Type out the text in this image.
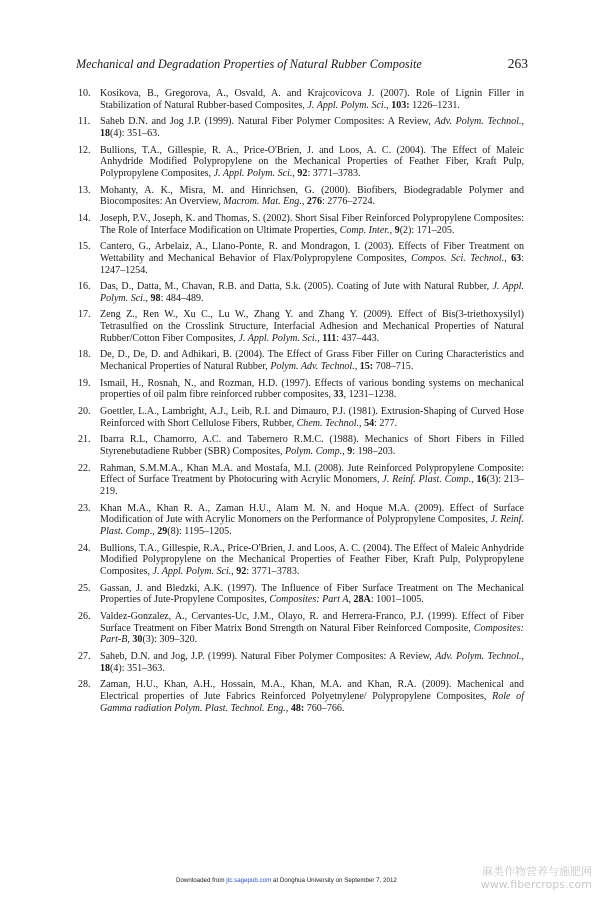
Mechanical and Degradation Properties of Natural Rubber Composite	263
10. Kosikova, B., Gregorova, A., Osvald, A. and Krajcovicova J. (2007). Role of Lignin Filler in Stabilization of Natural Rubber-based Composites, J. Appl. Polym. Sci., 103: 1226–1231.
11. Saheb D.N. and Jog J.P. (1999). Natural Fiber Polymer Composites: A Review, Adv. Polym. Technol., 18(4): 351–63.
12. Bullions, T.A., Gillespie, R. A., Price-O'Brien, J. and Loos, A. C. (2004). The Effect of Maleic Anhydride Modified Polypropylene on the Mechanical Properties of Feather Fiber, Kraft Pulp, Polypropylene Composites, J. Appl. Polym. Sci., 92: 3771–3783.
13. Mohanty, A. K., Misra, M. and Hinrichsen, G. (2000). Biofibers, Biodegradable Polymer and Biocomposites: An Overview, Macrom. Mat. Eng., 276: 2776–2724.
14. Joseph, P.V., Joseph, K. and Thomas, S. (2002). Short Sisal Fiber Reinforced Polypropylene Composites: The Role of Interface Modification on Ultimate Properties, Comp. Inter., 9(2): 171–205.
15. Cantero, G., Arbelaiz, A., Llano-Ponte, R. and Mondragon, I. (2003). Effects of Fiber Treatment on Wettability and Mechanical Behavior of Flax/Polypropylene Composites, Compos. Sci. Technol., 63: 1247–1254.
16. Das, D., Datta, M., Chavan, R.B. and Datta, S.k. (2005). Coating of Jute with Natural Rubber, J. Appl. Polym. Sci., 98: 484–489.
17. Zeng Z., Ren W., Xu C., Lu W., Zhang Y. and Zhang Y. (2009). Effect of Bis(3-triethoxysilyl) Tetrasulfied on the Crosslink Structure, Interfacial Adhesion and Mechanical Properties of Natural Rubber/Cotton Fiber Composites, J. Appl. Polym. Sci., 111: 437–443.
18. De, D., De, D. and Adhikari, B. (2004). The Effect of Grass Fiber Filler on Curing Characteristics and Mechanical Properties of Natural Rubber, Polym. Adv. Technol., 15: 708–715.
19. Ismail, H., Rosnah, N., and Rozman, H.D. (1997). Effects of various bonding systems on mechanical properties of oil palm fibre reinforced rubber composites, 33, 1231–1238.
20. Goettler, L.A., Lambright, A.J., Leib, R.I. and Dimauro, P.J. (1981). Extrusion-Shaping of Curved Hose Reinforced with Short Cellulose Fibers, Rubber, Chem. Technol., 54: 277.
21. Ibarra R.L, Chamorro, A.C. and Tabernero R.M.C. (1988). Mechanics of Short Fibers in Filled Styrenebutadiene Rubber (SBR) Composites, Polym. Comp., 9: 198–203.
22. Rahman, S.M.M.A., Khan M.A. and Mostafa, M.I. (2008). Jute Reinforced Polypropylene Composite: Effect of Surface Treatment by Photocuring with Acrylic Monomers, J. Reinf. Plast. Comp., 16(3): 213–219.
23. Khan M.A., Khan R. A., Zaman H.U., Alam M. N. and Hoque M.A. (2009). Effect of Surface Modification of Jute with Acrylic Monomers on the Performance of Polypropylene Composites, J. Reinf. Plast. Comp., 29(8): 1195–1205.
24. Bullions, T.A., Gillespie, R.A., Price-O'Brien, J. and Loos, A. C. (2004). The Effect of Maleic Anhydride Modified Polypropylene on the Mechanical Properties of Feather Fiber, Kraft Pulp, Polypropylene Composites, J. Appl. Polym. Sci., 92: 3771–3783.
25. Gassan, J. and Bledzki, A.K. (1997). The Influence of Fiber Surface Treatment on The Mechanical Properties of Jute-Propylene Composites, Composites: Part A, 28A: 1001–1005.
26. Valdez-Gonzalez, A., Cervantes-Uc, J.M., Olayo, R. and Herrera-Franco, P.J. (1999). Effect of Fiber Surface Treatment on Fiber Matrix Bond Strength on Natural Fiber Reinforced Composite, Composites: Part-B, 30(3): 309–320.
27. Saheb, D.N. and Jog, J.P. (1999). Natural Fiber Polymer Composites: A Review, Adv. Polym. Technol., 18(4): 351–363.
28. Zaman, H.U., Khan, A.H., Hossain, M.A., Khan, M.A. and Khan, R.A. (2009). Machenical and Electrical properties of Jute Fabrics Reinforced Polyetnylene/ Polypropylene Composites, Role of Gamma radiation Polym. Plast. Technol. Eng., 48: 760–766.
Downloaded from jtc.sagepub.com at Donghua University on September 7, 2012
麻类作物营养与施肥网
www.fibercrops.com
